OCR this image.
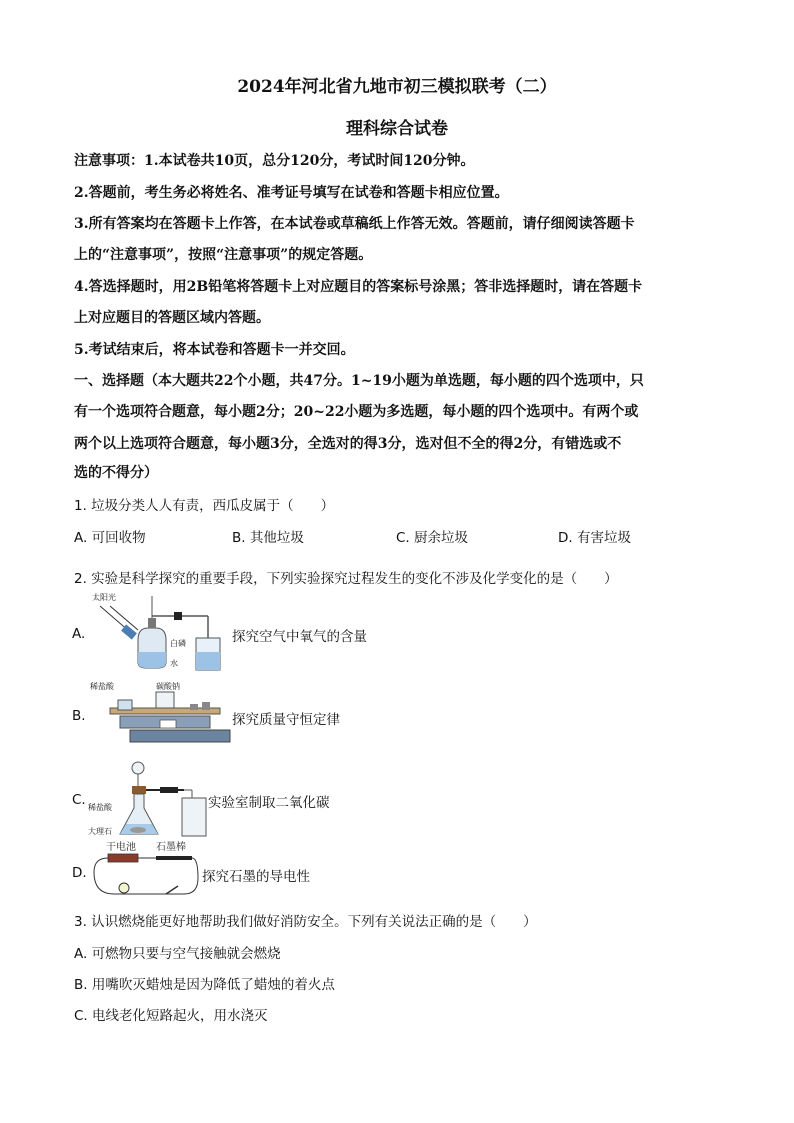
2024年河北省九地市初三模拟联考（二）
理科综合试卷
注意事项：1.本试卷共10页，总分120分，考试时间120分钟。
2.答题前，考生务必将姓名、准考证号填写在试卷和答题卡相应位置。
3.所有答案均在答题卡上作答，在本试卷或草稿纸上作答无效。答题前，请仔细阅读答题卡
上的“注意事项”，按照“注意事项”的规定答题。
4.答选择题时，用2B铅笔将答题卡上对应题目的答案标号涂黑；答非选择题时，请在答题卡
上对应题目的答题区域内答题。
5.考试结束后，将本试卷和答题卡一并交回。
一、选择题（本大题共22个小题，共47分。1~19小题为单选题，每小题的四个选项中，只
有一个选项符合题意，每小题2分；20~22小题为多选题，每小题的四个选项中。有两个或
两个以上选项符合题意，每小题3分，全选对的得3分，选对但不全的得2分，有错选或不
选的不得分）
1. 垃圾分类人人有责，西瓜皮属于（　　）
A. 可回收物	B. 其他垃圾	C. 厨余垃圾	D. 有害垃圾
2. 实验是科学探究的重要手段，下列实验探究过程发生的变化不涉及化学变化的是（　　）
A.
太阳光
白磷
水
探究空气中氧气的含量
B.
稀盐酸	碳酸钠
探究质量守恒定律
C. 稀盐酸
大理石
实验室制取二氧化碳
D.
干电池 石墨棒
探究石墨的导电性
3. 认识燃烧能更好地帮助我们做好消防安全。下列有关说法正确的是（　　）
A. 可燃物只要与空气接触就会燃烧
B. 用嘴吹灭蜡烛是因为降低了蜡烛的着火点
C. 电线老化短路起火，用水浇灭
